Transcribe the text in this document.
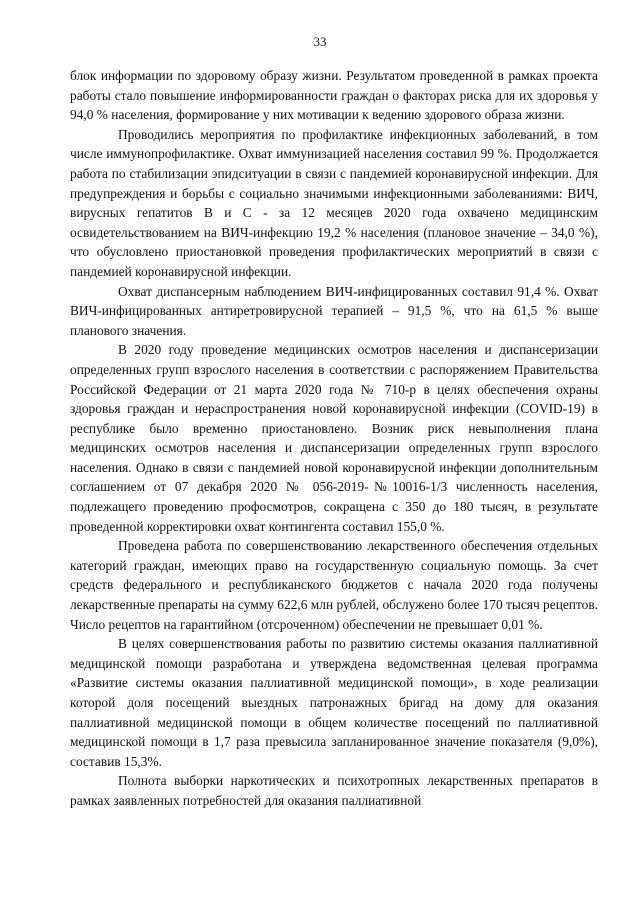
33

блок информации по здоровому образу жизни. Результатом проведенной в рамках проекта работы стало повышение информированности граждан о факторах риска для их здоровья у 94,0 % населения, формирование у них мотивации к ведению здорового образа жизни.

Проводились мероприятия по профилактике инфекционных заболеваний, в том числе иммунопрофилактике. Охват иммунизацией населения составил 99 %. Продолжается работа по стабилизации эпидситуации в связи с пандемией коронавирусной инфекции. Для предупреждения и борьбы с социально значимыми инфекционными заболеваниями: ВИЧ, вирусных гепатитов В и С - за 12 месяцев 2020 года охвачено медицинским освидетельствованием на ВИЧ-инфекцию 19,2 % населения (плановое значение – 34,0 %), что обусловлено приостановкой проведения профилактических мероприятий в связи с пандемией коронавирусной инфекции.

Охват диспансерным наблюдением ВИЧ-инфицированных составил 91,4 %. Охват ВИЧ-инфицированных антиретровирусной терапией – 91,5 %, что на 61,5 % выше планового значения.

В 2020 году проведение медицинских осмотров населения и диспансеризации определенных групп взрослого населения в соответствии с распоряжением Правительства Российской Федерации от 21 марта 2020 года № 710-р в целях обеспечения охраны здоровья граждан и нераспространения новой коронавирусной инфекции (COVID-19) в республике было временно приостановлено. Возник риск невыполнения плана медицинских осмотров населения и диспансеризации определенных групп взрослого населения. Однако в связи с пандемией новой коронавирусной инфекции дополнительным соглашением от 07 декабря 2020 № 056-2019-№10016-1/3 численность населения, подлежащего проведению профосмотров, сокращена с 350 до 180 тысяч, в результате проведенной корректировки охват контингента составил 155,0 %.

Проведена работа по совершенствованию лекарственного обеспечения отдельных категорий граждан, имеющих право на государственную социальную помощь. За счет средств федерального и республиканского бюджетов с начала 2020 года получены лекарственные препараты на сумму 622,6 млн рублей, обслужено более 170 тысяч рецептов. Число рецептов на гарантийном (отсроченном) обеспечении не превышает 0,01 %.

В целях совершенствования работы по развитию системы оказания паллиативной медицинской помощи разработана и утверждена ведомственная целевая программа «Развитие системы оказания паллиативной медицинской помощи», в ходе реализации которой доля посещений выездных патронажных бригад на дому для оказания паллиативной медицинской помощи в общем количестве посещений по паллиативной медицинской помощи в 1,7 раза превысила запланированное значение показателя (9,0%), составив 15,3%.

Полнота выборки наркотических и психотропных лекарственных препаратов в рамках заявленных потребностей для оказания паллиативной
